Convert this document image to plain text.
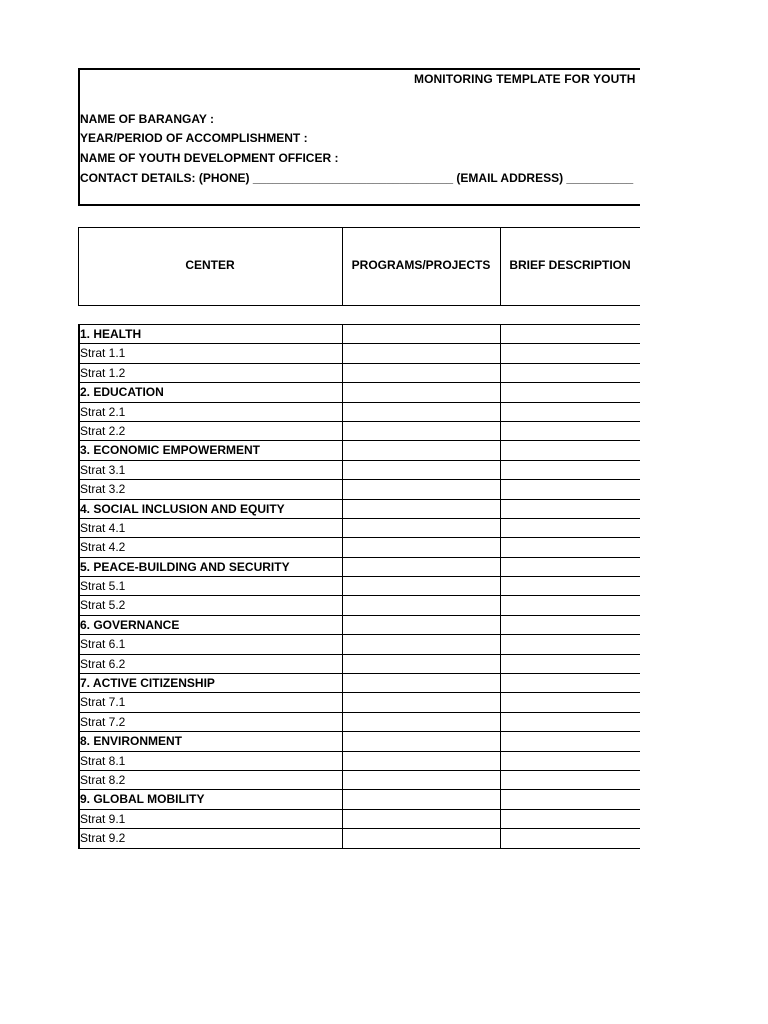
MONITORING TEMPLATE FOR YOUTH
NAME OF BARANGAY :
YEAR/PERIOD OF ACCOMPLISHMENT :
NAME OF YOUTH DEVELOPMENT OFFICER :
CONTACT DETAILS: (PHONE) ______________________________ (EMAIL ADDRESS) __________
CENTER	PROGRAMS/PROJECTS	BRIEF DESCRIPTION
1. HEALTH
Strat 1.1
Strat 1.2
2. EDUCATION
Strat 2.1
Strat 2.2
3. ECONOMIC EMPOWERMENT
Strat 3.1
Strat 3.2
4. SOCIAL INCLUSION AND EQUITY
Strat 4.1
Strat 4.2
5. PEACE-BUILDING AND SECURITY
Strat 5.1
Strat 5.2
6. GOVERNANCE
Strat 6.1
Strat 6.2
7. ACTIVE CITIZENSHIP
Strat 7.1
Strat 7.2
8. ENVIRONMENT
Strat 8.1
Strat 8.2
9. GLOBAL MOBILITY
Strat 9.1
Strat 9.2
